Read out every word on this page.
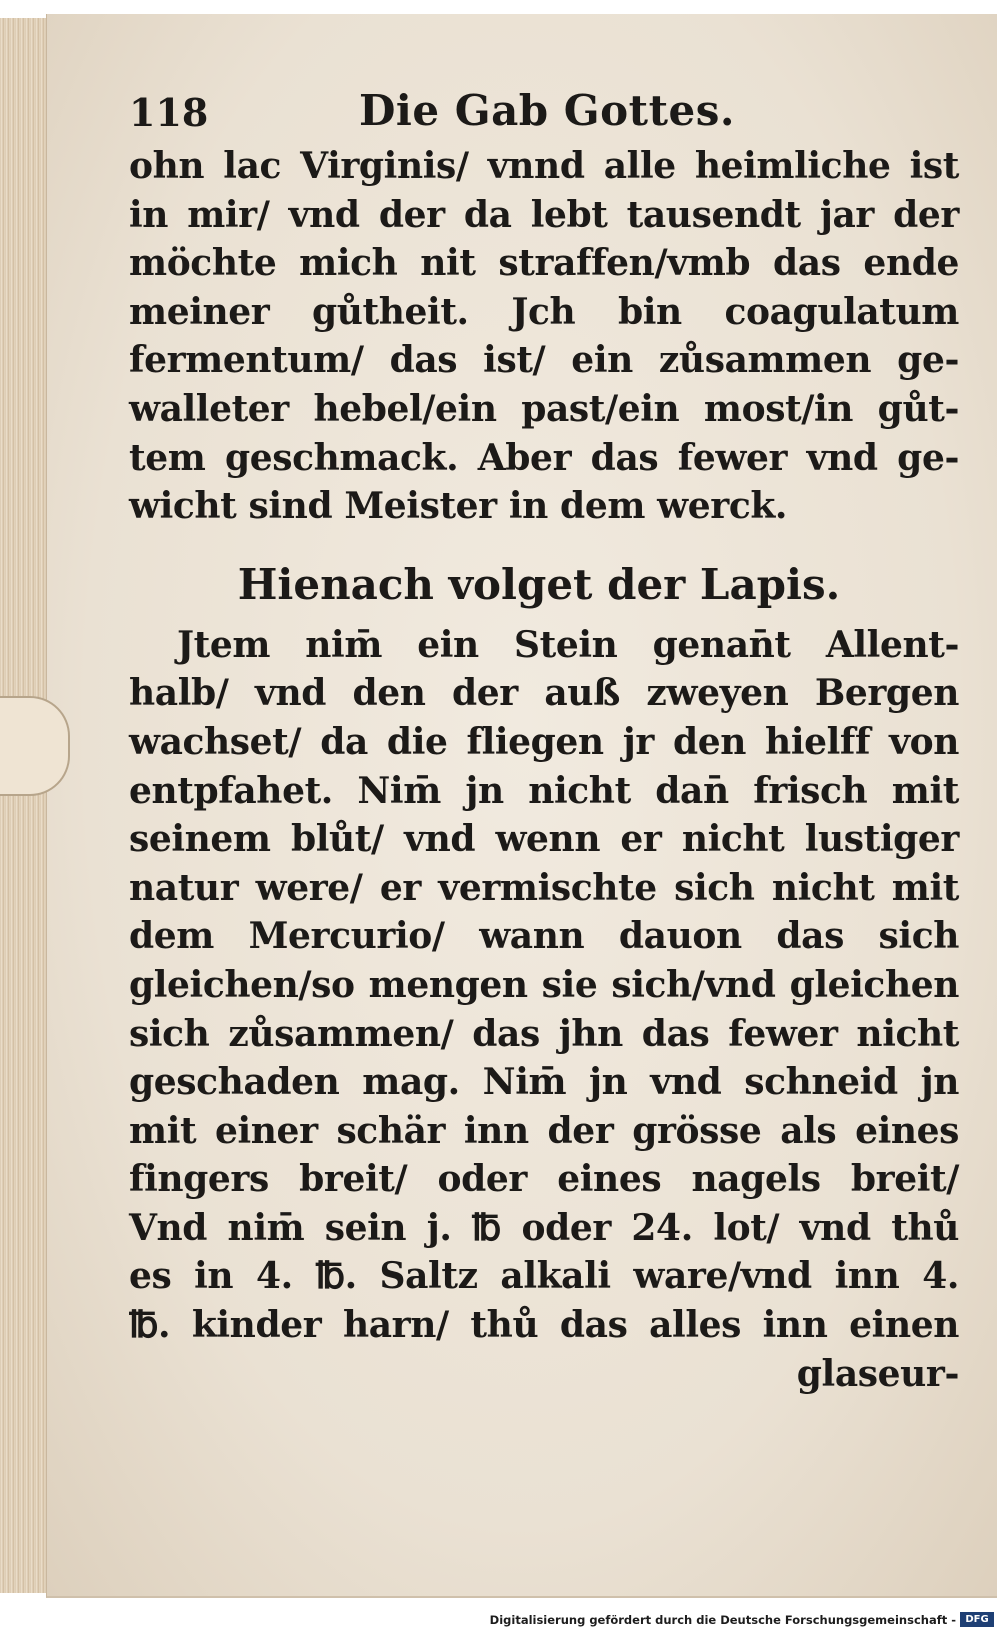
118	Die Gab Gottes.
ohn lac Virginis/ vnnd alle heimliche ist
in mir/ vnd der da lebt tausendt jar der
möchte mich nit straffen/vmb das ende
meiner gůtheit. Jch bin coagulatum
fermentum/ das ist/ ein zůsammen ge-
walleter hebel/ein past/ein most/in gůt-
tem geschmack. Aber das fewer vnd ge-
wicht sind Meister in dem werck.
Hienach volget der Lapis.
Jtem nim̄ ein Stein genan̄t Allent-
halb/ vnd den der auß zweyen Bergen
wachset/ da die fliegen jr den hielff von
entpfahet. Nim̄ jn nicht dan̄ frisch mit
seinem blůt/ vnd wenn er nicht lustiger
natur were/ er vermischte sich nicht mit
dem Mercurio/ wann dauon das sich
gleichen/so mengen sie sich/vnd gleichen
sich zůsammen/ das jhn das fewer nicht
geschaden mag. Nim̄ jn vnd schneid jn
mit einer schär inn der grösse als eines
fingers breit/ oder eines nagels breit/
Vnd nim̄ sein j. ℔ oder 24. lot/ vnd thů
es in 4. ℔. Saltz alkali ware/vnd inn 4.
℔. kinder harn/ thů das alles inn einen
glaseur-
Digitalisierung gefördert durch die Deutsche Forschungsgemeinschaft - DFG
